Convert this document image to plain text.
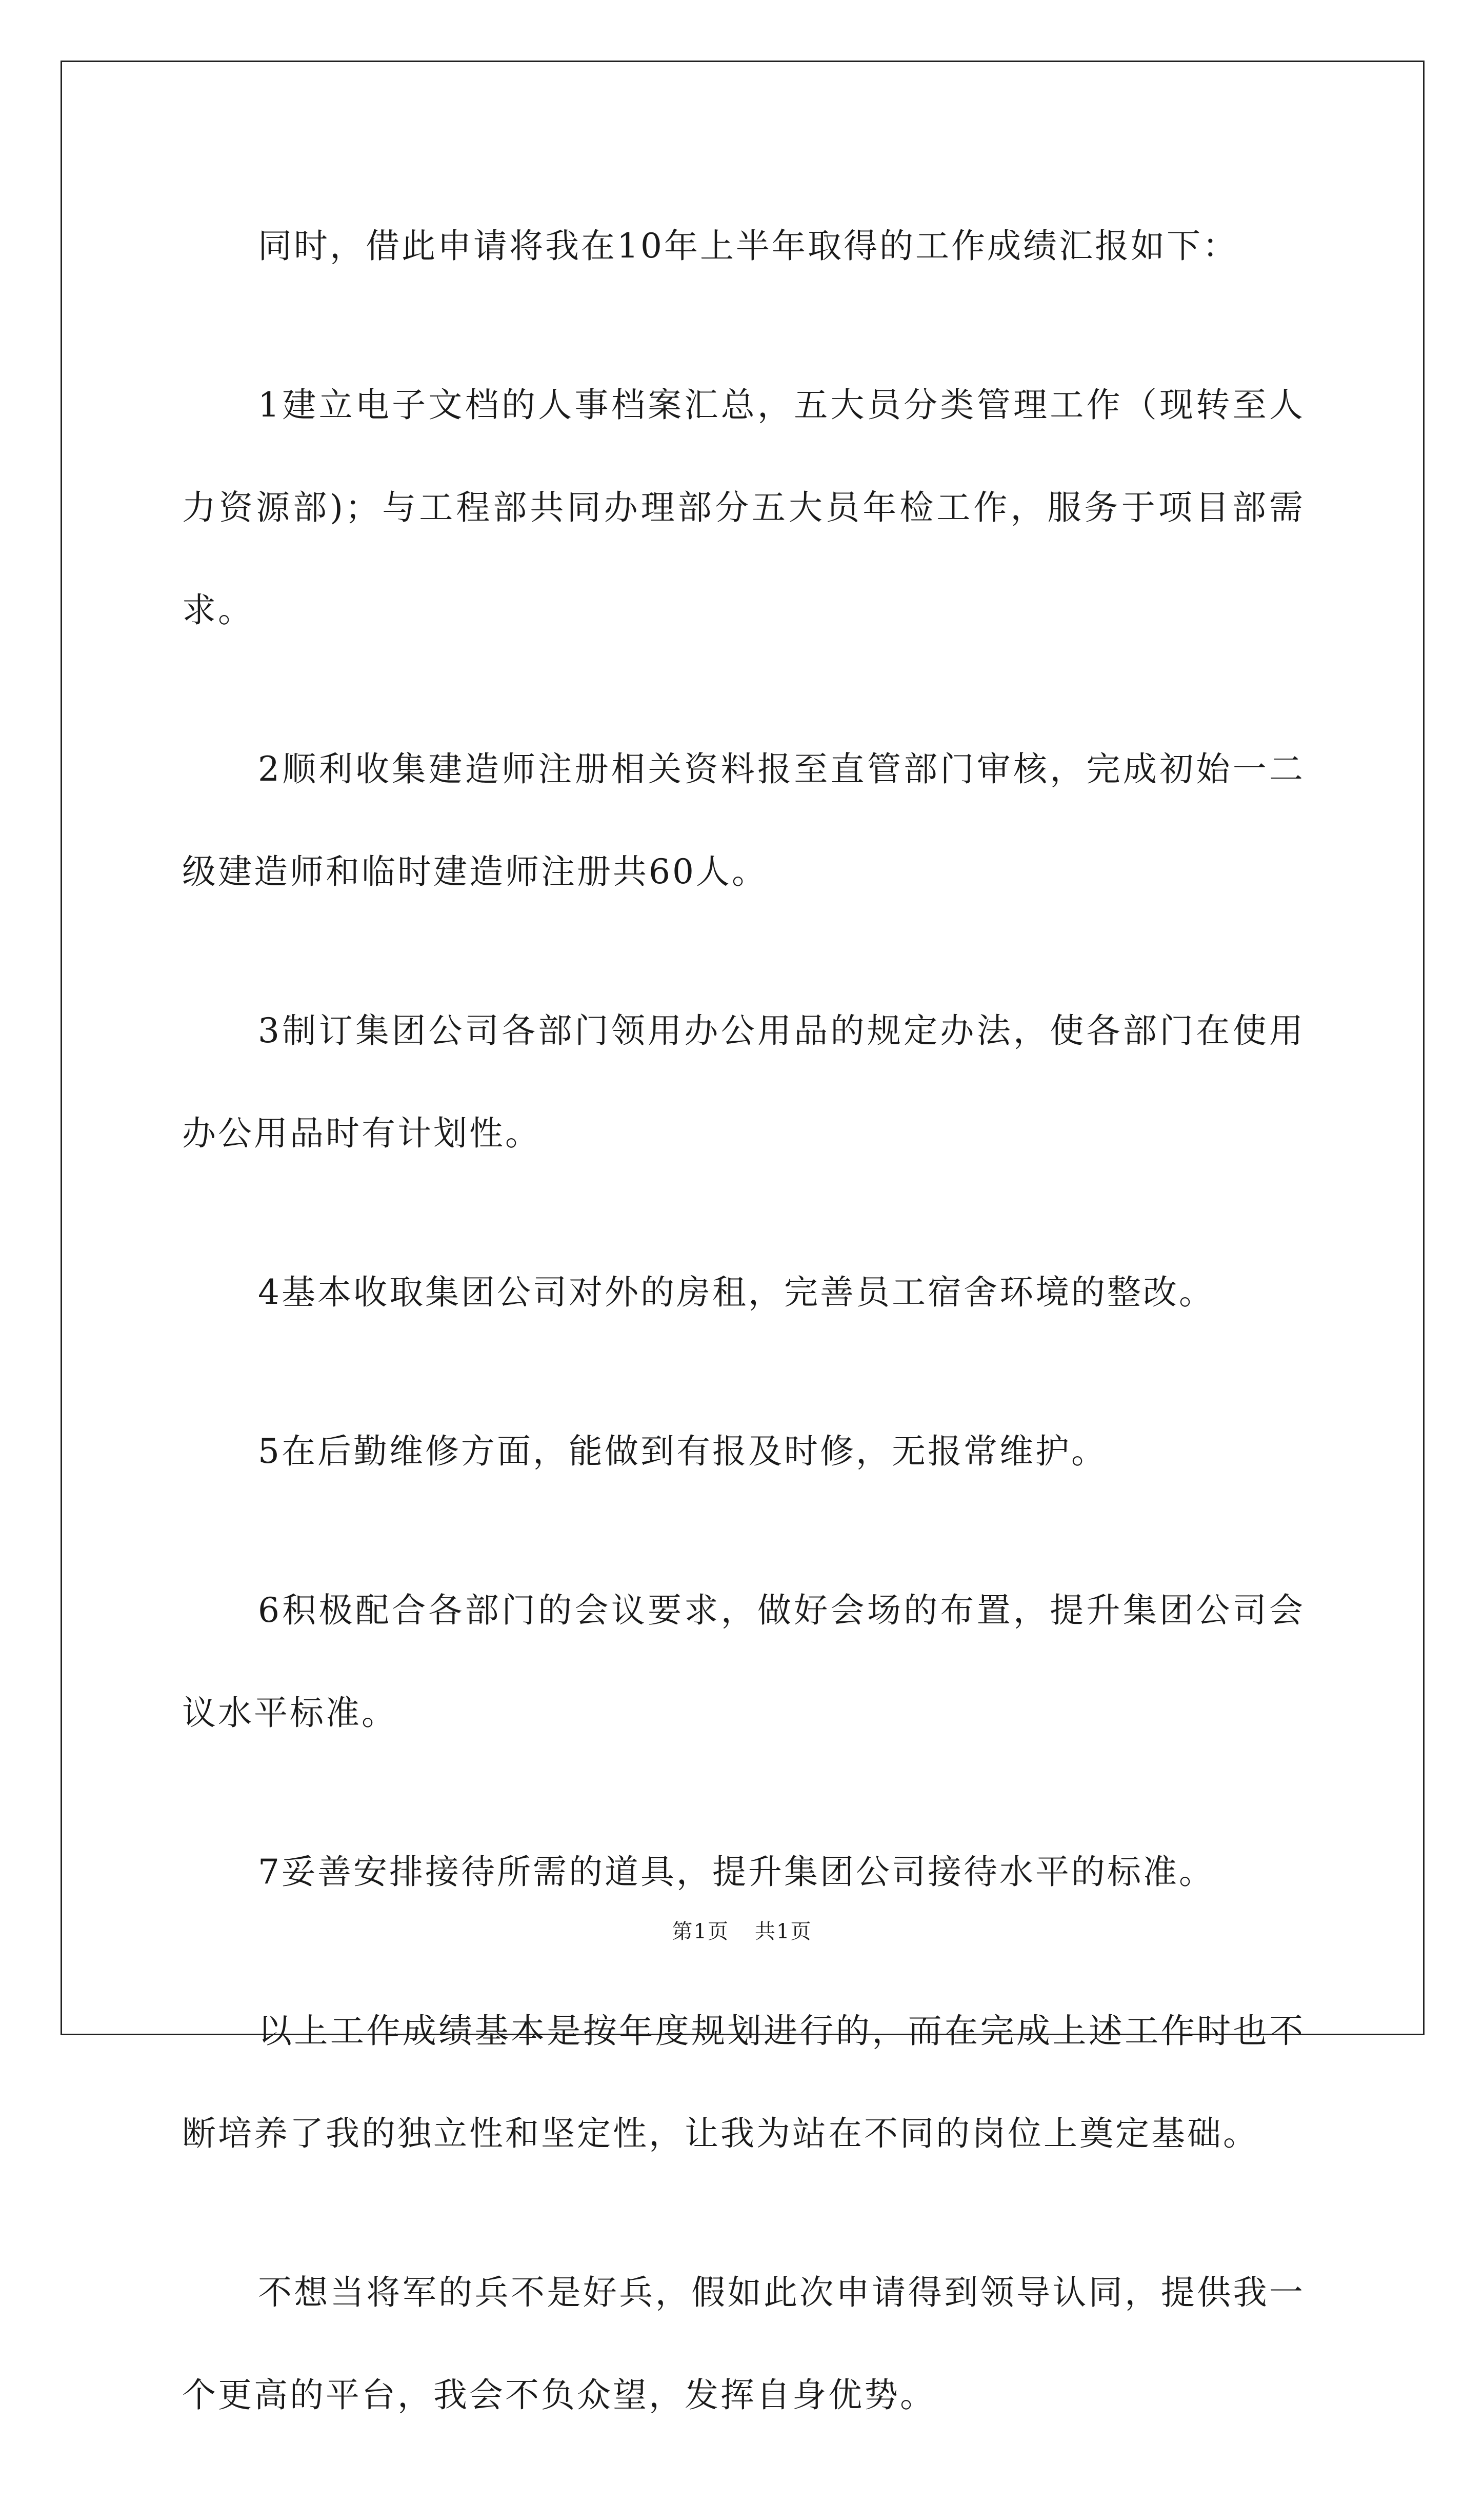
同时，借此申请将我在10年上半年取得的工作成绩汇报如下：

1建立电子文档的人事档案汇总，五大员分类管理工作（现转至人力资源部)；与工程部共同办理部分五大员年检工作，服务于项目部需求。

2顺利收集建造师注册相关资料报至直管部门审核，完成初始一二级建造师和临时建造师注册共60人。

3制订集团公司各部门领用办公用品的规定办法，使各部门在使用办公用品时有计划性。

4基本收取集团公司对外的房租，完善员工宿舍环境的整改。

5在后勤维修方面，能做到有报及时修，无报常维护。

6积极配合各部门的会议要求，做好会场的布置，提升集团公司会议水平标准。

7妥善安排接待所需的道具，提升集团公司接待水平的标准。

以上工作成绩基本是按年度规划进行的，而在完成上述工作时也不断培养了我的独立性和坚定性，让我为站在不同的岗位上奠定基础。

不想当将军的兵不是好兵，假如此次申请得到领导认同，提供我一个更高的平台，我会不负众望，发挥自身优势。

第1页 共1页
